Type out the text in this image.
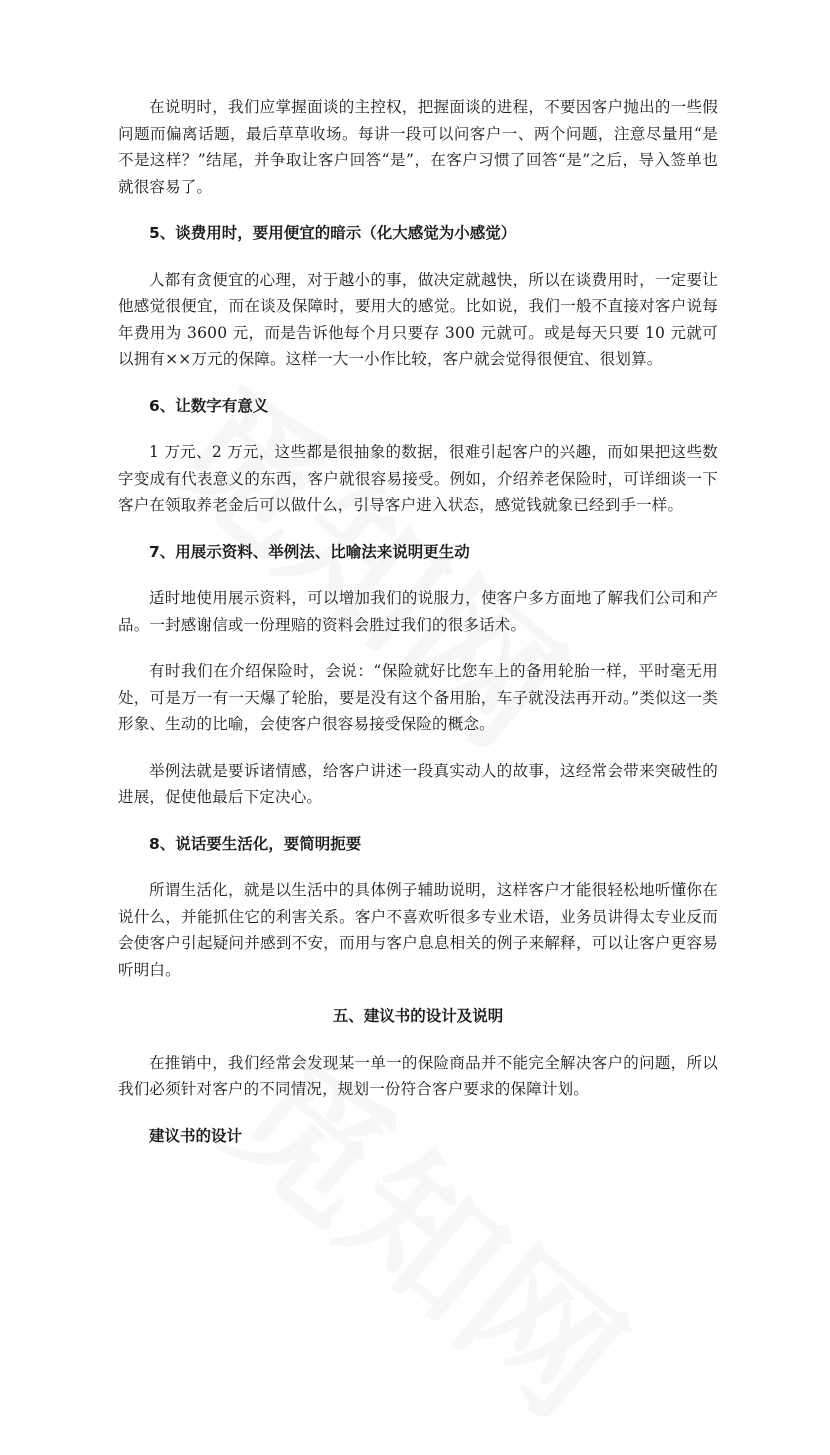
在说明时，我们应掌握面谈的主控权，把握面谈的进程，不要因客户抛出的一些假问题而偏离话题，最后草草收场。每讲一段可以问客户一、两个问题，注意尽量用“是不是这样？”结尾，并争取让客户回答“是”，在客户习惯了回答“是”之后，导入签单也就很容易了。

5、谈费用时，要用便宜的暗示（化大感觉为小感觉）

人都有贪便宜的心理，对于越小的事，做决定就越快，所以在谈费用时，一定要让他感觉很便宜，而在谈及保障时，要用大的感觉。比如说，我们一般不直接对客户说每年费用为 3600 元，而是告诉他每个月只要存 300 元就可。或是每天只要 10 元就可以拥有××万元的保障。这样一大一小作比较，客户就会觉得很便宜、很划算。

6、让数字有意义

1 万元、2 万元，这些都是很抽象的数据，很难引起客户的兴趣，而如果把这些数字变成有代表意义的东西，客户就很容易接受。例如，介绍养老保险时，可详细谈一下客户在领取养老金后可以做什么，引导客户进入状态，感觉钱就象已经到手一样。

7、用展示资料、举例法、比喻法来说明更生动

适时地使用展示资料，可以增加我们的说服力，使客户多方面地了解我们公司和产品。一封感谢信或一份理赔的资料会胜过我们的很多话术。

有时我们在介绍保险时，会说：“保险就好比您车上的备用轮胎一样，平时毫无用处，可是万一有一天爆了轮胎，要是没有这个备用胎，车子就没法再开动。”类似这一类形象、生动的比喻，会使客户很容易接受保险的概念。

举例法就是要诉诸情感，给客户讲述一段真实动人的故事，这经常会带来突破性的进展，促使他最后下定决心。

8、说话要生活化，要简明扼要

所谓生活化，就是以生活中的具体例子辅助说明，这样客户才能很轻松地听懂你在说什么，并能抓住它的利害关系。客户不喜欢听很多专业术语，业务员讲得太专业反而会使客户引起疑问并感到不安，而用与客户息息相关的例子来解释，可以让客户更容易听明白。

五、建议书的设计及说明

在推销中，我们经常会发现某一单一的保险商品并不能完全解决客户的问题，所以我们必须针对客户的不同情况，规划一份符合客户要求的保障计划。

建议书的设计
